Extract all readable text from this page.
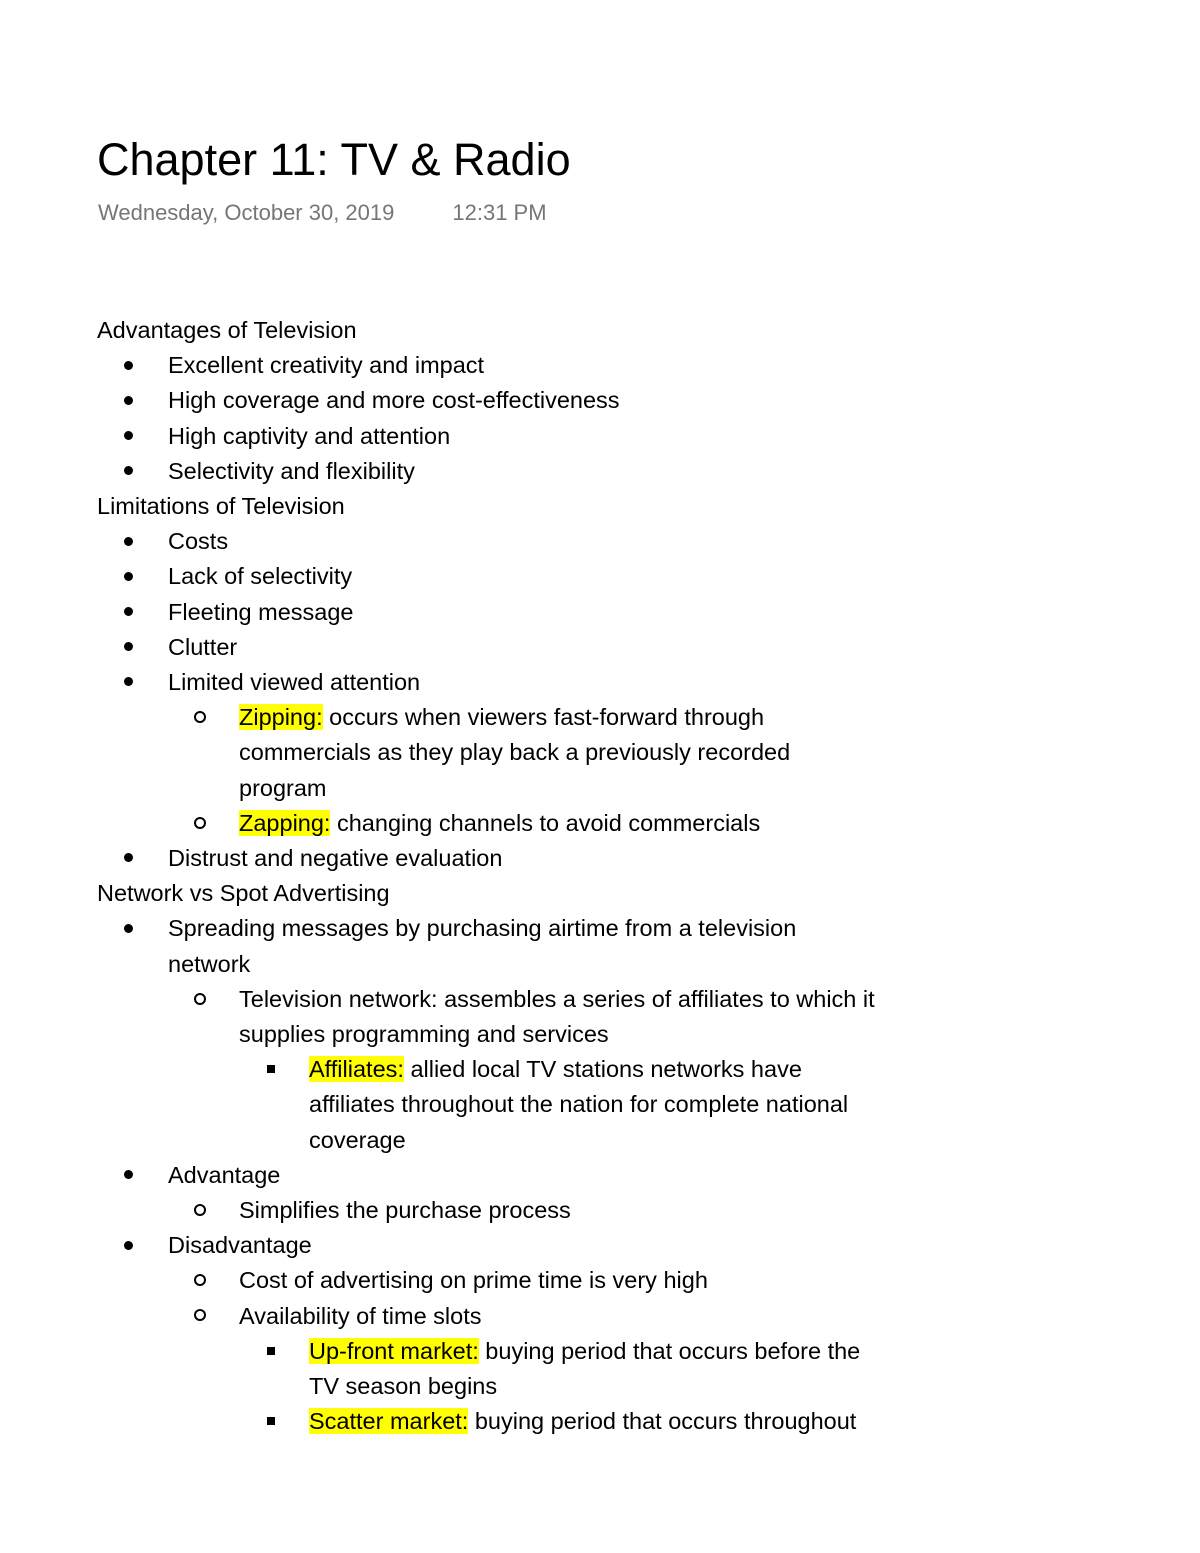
Chapter 11: TV & Radio
Wednesday, October 30, 2019	12:31 PM
Advantages of Television
Excellent creativity and impact
High coverage and more cost-effectiveness
High captivity and attention
Selectivity and flexibility
Limitations of Television
Costs
Lack of selectivity
Fleeting message
Clutter
Limited viewed attention
Zipping: occurs when viewers fast-forward through
commercials as they play back a previously recorded
program
Zapping: changing channels to avoid commercials
Distrust and negative evaluation
Network vs Spot Advertising
Spreading messages by purchasing airtime from a television
network
Television network: assembles a series of affiliates to which it
supplies programming and services
Affiliates: allied local TV stations networks have
affiliates throughout the nation for complete national
coverage
Advantage
Simplifies the purchase process
Disadvantage
Cost of advertising on prime time is very high
Availability of time slots
Up-front market: buying period that occurs before the
TV season begins
Scatter market: buying period that occurs throughout
